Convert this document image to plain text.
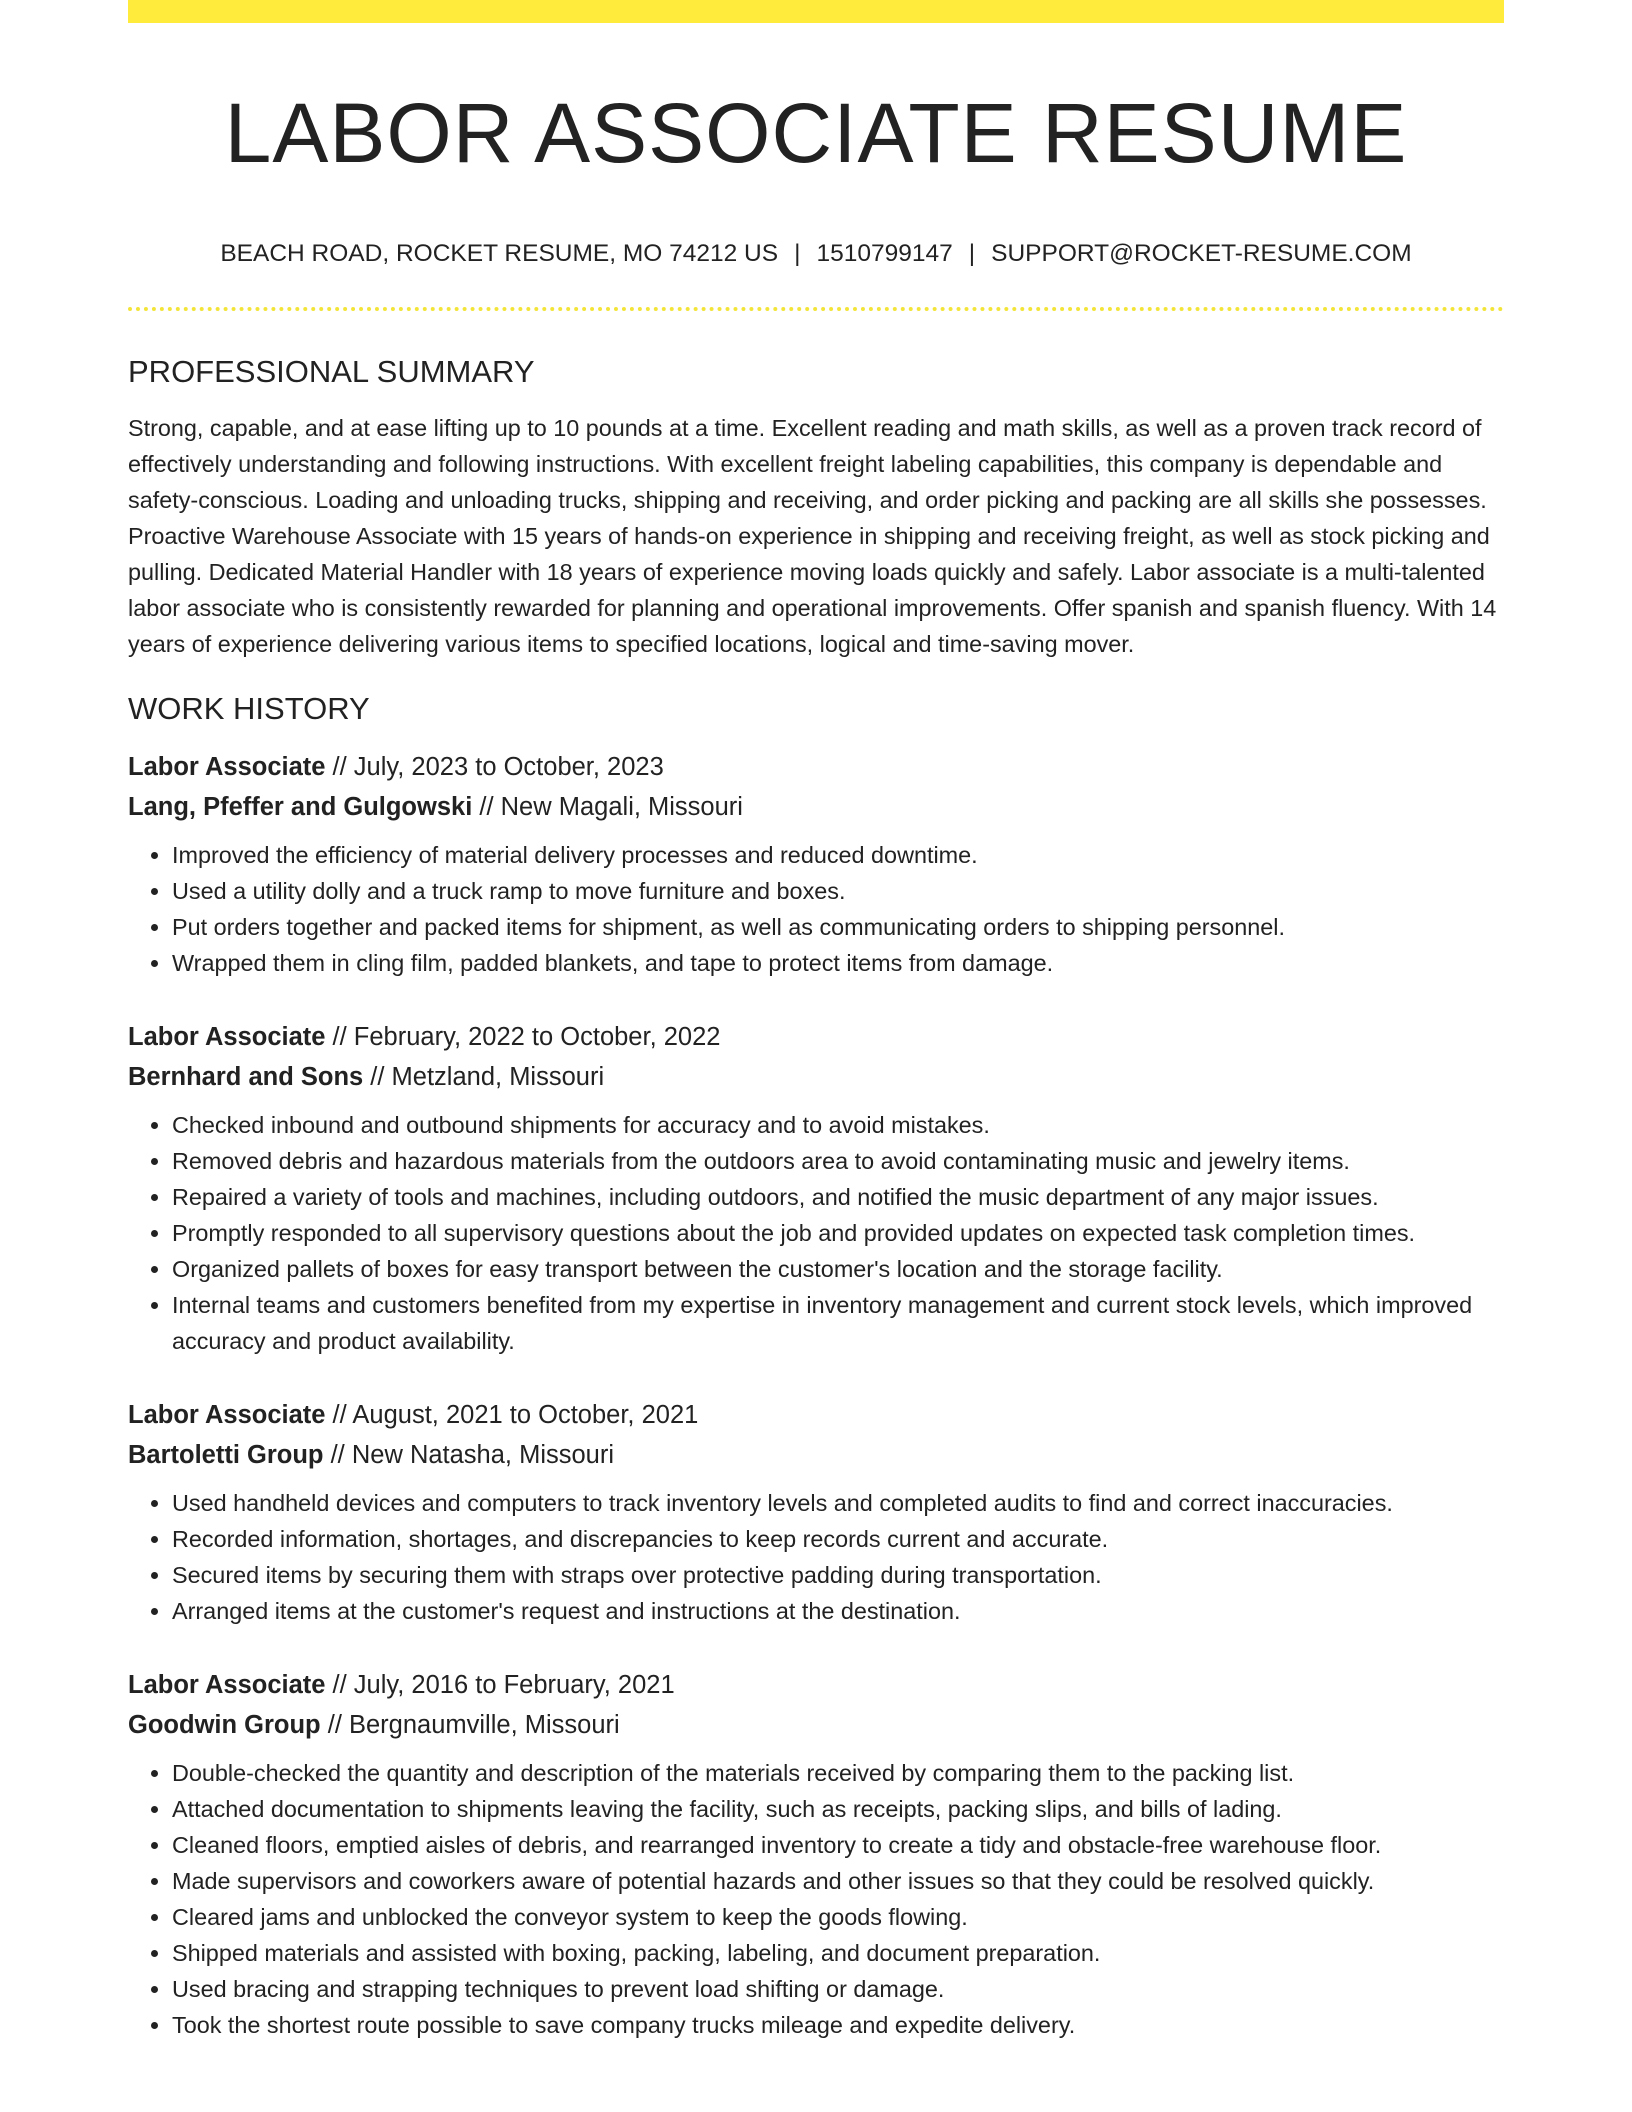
LABOR ASSOCIATE RESUME
BEACH ROAD, ROCKET RESUME, MO 74212 US | 1510799147 | SUPPORT@ROCKET-RESUME.COM
PROFESSIONAL SUMMARY

Strong, capable, and at ease lifting up to 10 pounds at a time. Excellent reading and math skills, as well as a proven track record of effectively understanding and following instructions. With excellent freight labeling capabilities, this company is dependable and safety-conscious. Loading and unloading trucks, shipping and receiving, and order picking and packing are all skills she possesses. Proactive Warehouse Associate with 15 years of hands-on experience in shipping and receiving freight, as well as stock picking and pulling. Dedicated Material Handler with 18 years of experience moving loads quickly and safely. Labor associate is a multi-talented labor associate who is consistently rewarded for planning and operational improvements. Offer spanish and spanish fluency. With 14 years of experience delivering various items to specified locations, logical and time-saving mover.

WORK HISTORY
Labor Associate // July, 2023 to October, 2023
Lang, Pfeffer and Gulgowski // New Magali, Missouri
• Improved the efficiency of material delivery processes and reduced downtime.
• Used a utility dolly and a truck ramp to move furniture and boxes.
• Put orders together and packed items for shipment, as well as communicating orders to shipping personnel.
• Wrapped them in cling film, padded blankets, and tape to protect items from damage.
Labor Associate // February, 2022 to October, 2022
Bernhard and Sons // Metzland, Missouri
• Checked inbound and outbound shipments for accuracy and to avoid mistakes.
• Removed debris and hazardous materials from the outdoors area to avoid contaminating music and jewelry items.
• Repaired a variety of tools and machines, including outdoors, and notified the music department of any major issues.
• Promptly responded to all supervisory questions about the job and provided updates on expected task completion times.
• Organized pallets of boxes for easy transport between the customer's location and the storage facility.
• Internal teams and customers benefited from my expertise in inventory management and current stock levels, which improved accuracy and product availability.
Labor Associate // August, 2021 to October, 2021
Bartoletti Group // New Natasha, Missouri
• Used handheld devices and computers to track inventory levels and completed audits to find and correct inaccuracies.
• Recorded information, shortages, and discrepancies to keep records current and accurate.
• Secured items by securing them with straps over protective padding during transportation.
• Arranged items at the customer's request and instructions at the destination.
Labor Associate // July, 2016 to February, 2021
Goodwin Group // Bergnaumville, Missouri
• Double-checked the quantity and description of the materials received by comparing them to the packing list.
• Attached documentation to shipments leaving the facility, such as receipts, packing slips, and bills of lading.
• Cleaned floors, emptied aisles of debris, and rearranged inventory to create a tidy and obstacle-free warehouse floor.
• Made supervisors and coworkers aware of potential hazards and other issues so that they could be resolved quickly.
• Cleared jams and unblocked the conveyor system to keep the goods flowing.
• Shipped materials and assisted with boxing, packing, labeling, and document preparation.
• Used bracing and strapping techniques to prevent load shifting or damage.
• Took the shortest route possible to save company trucks mileage and expedite delivery.
